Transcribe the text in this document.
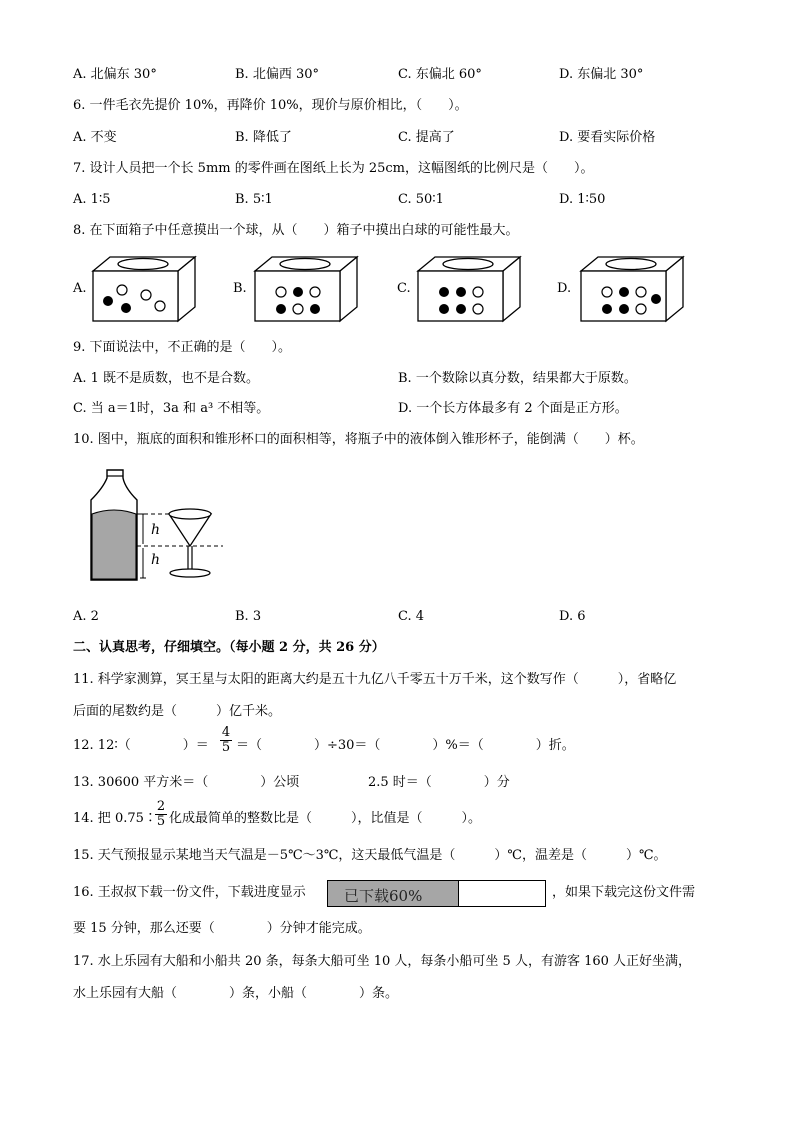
A. 北偏东 30°	B. 北偏西 30°	C. 东偏北 60°	D. 东偏北 30°
6. 一件毛衣先提价 10%，再降价 10%，现价与原价相比，（　　）。
A. 不变	B. 降低了	C. 提高了	D. 要看实际价格
7. 设计人员把一个长 5mm 的零件画在图纸上长为 25cm，这幅图纸的比例尺是（　　）。
A. 1∶5	B. 5∶1	C. 50∶1	D. 1∶50
8. 在下面箱子中任意摸出一个球，从（　　）箱子中摸出白球的可能性最大。
A.	B.	C.	D.
9. 下面说法中，不正确的是（　　）。
A. 1 既不是质数，也不是合数。	B. 一个数除以真分数，结果都大于原数。
C. 当 a＝1时，3a 和 a³ 不相等。	D. 一个长方体最多有 2 个面是正方形。
10. 图中，瓶底的面积和锥形杯口的面积相等，将瓶子中的液体倒入锥形杯子，能倒满（　　）杯。
h
h
A. 2	B. 3	C. 4	D. 6
二、认真思考，仔细填空。（每小题 2 分，共 26 分）
11. 科学家测算，冥王星与太阳的距离大约是五十九亿八千零五十万千米，这个数写作（　　　），省略亿
后面的尾数约是（　　　）亿千米。
12. 12∶（　　　　）＝ $\frac{4}{5}$ ＝（　　　　）÷30＝（　　　　）%＝（　　　　）折。
13. 30600 平方米＝（　　　　）公顷	2.5 时＝（　　　　）分
14. 把 0.75∶
$\frac{2}{5}$ 化成最简单的整数比是（　　　），比值是（　　　）。
15. 天气预报显示某地当天气温是－5℃～3℃，这天最低气温是（　　　）℃，温差是（　　　）℃。
16. 王叔叔下载一份文件，下载进度显示	已下载60%	，如果下载完这份文件需
要 15 分钟，那么还要（　　　　）分钟才能完成。
17. 水上乐园有大船和小船共 20 条，每条大船可坐 10 人，每条小船可坐 5 人，有游客 160 人正好坐满，
水上乐园有大船（　　　　）条，小船（　　　　）条。
